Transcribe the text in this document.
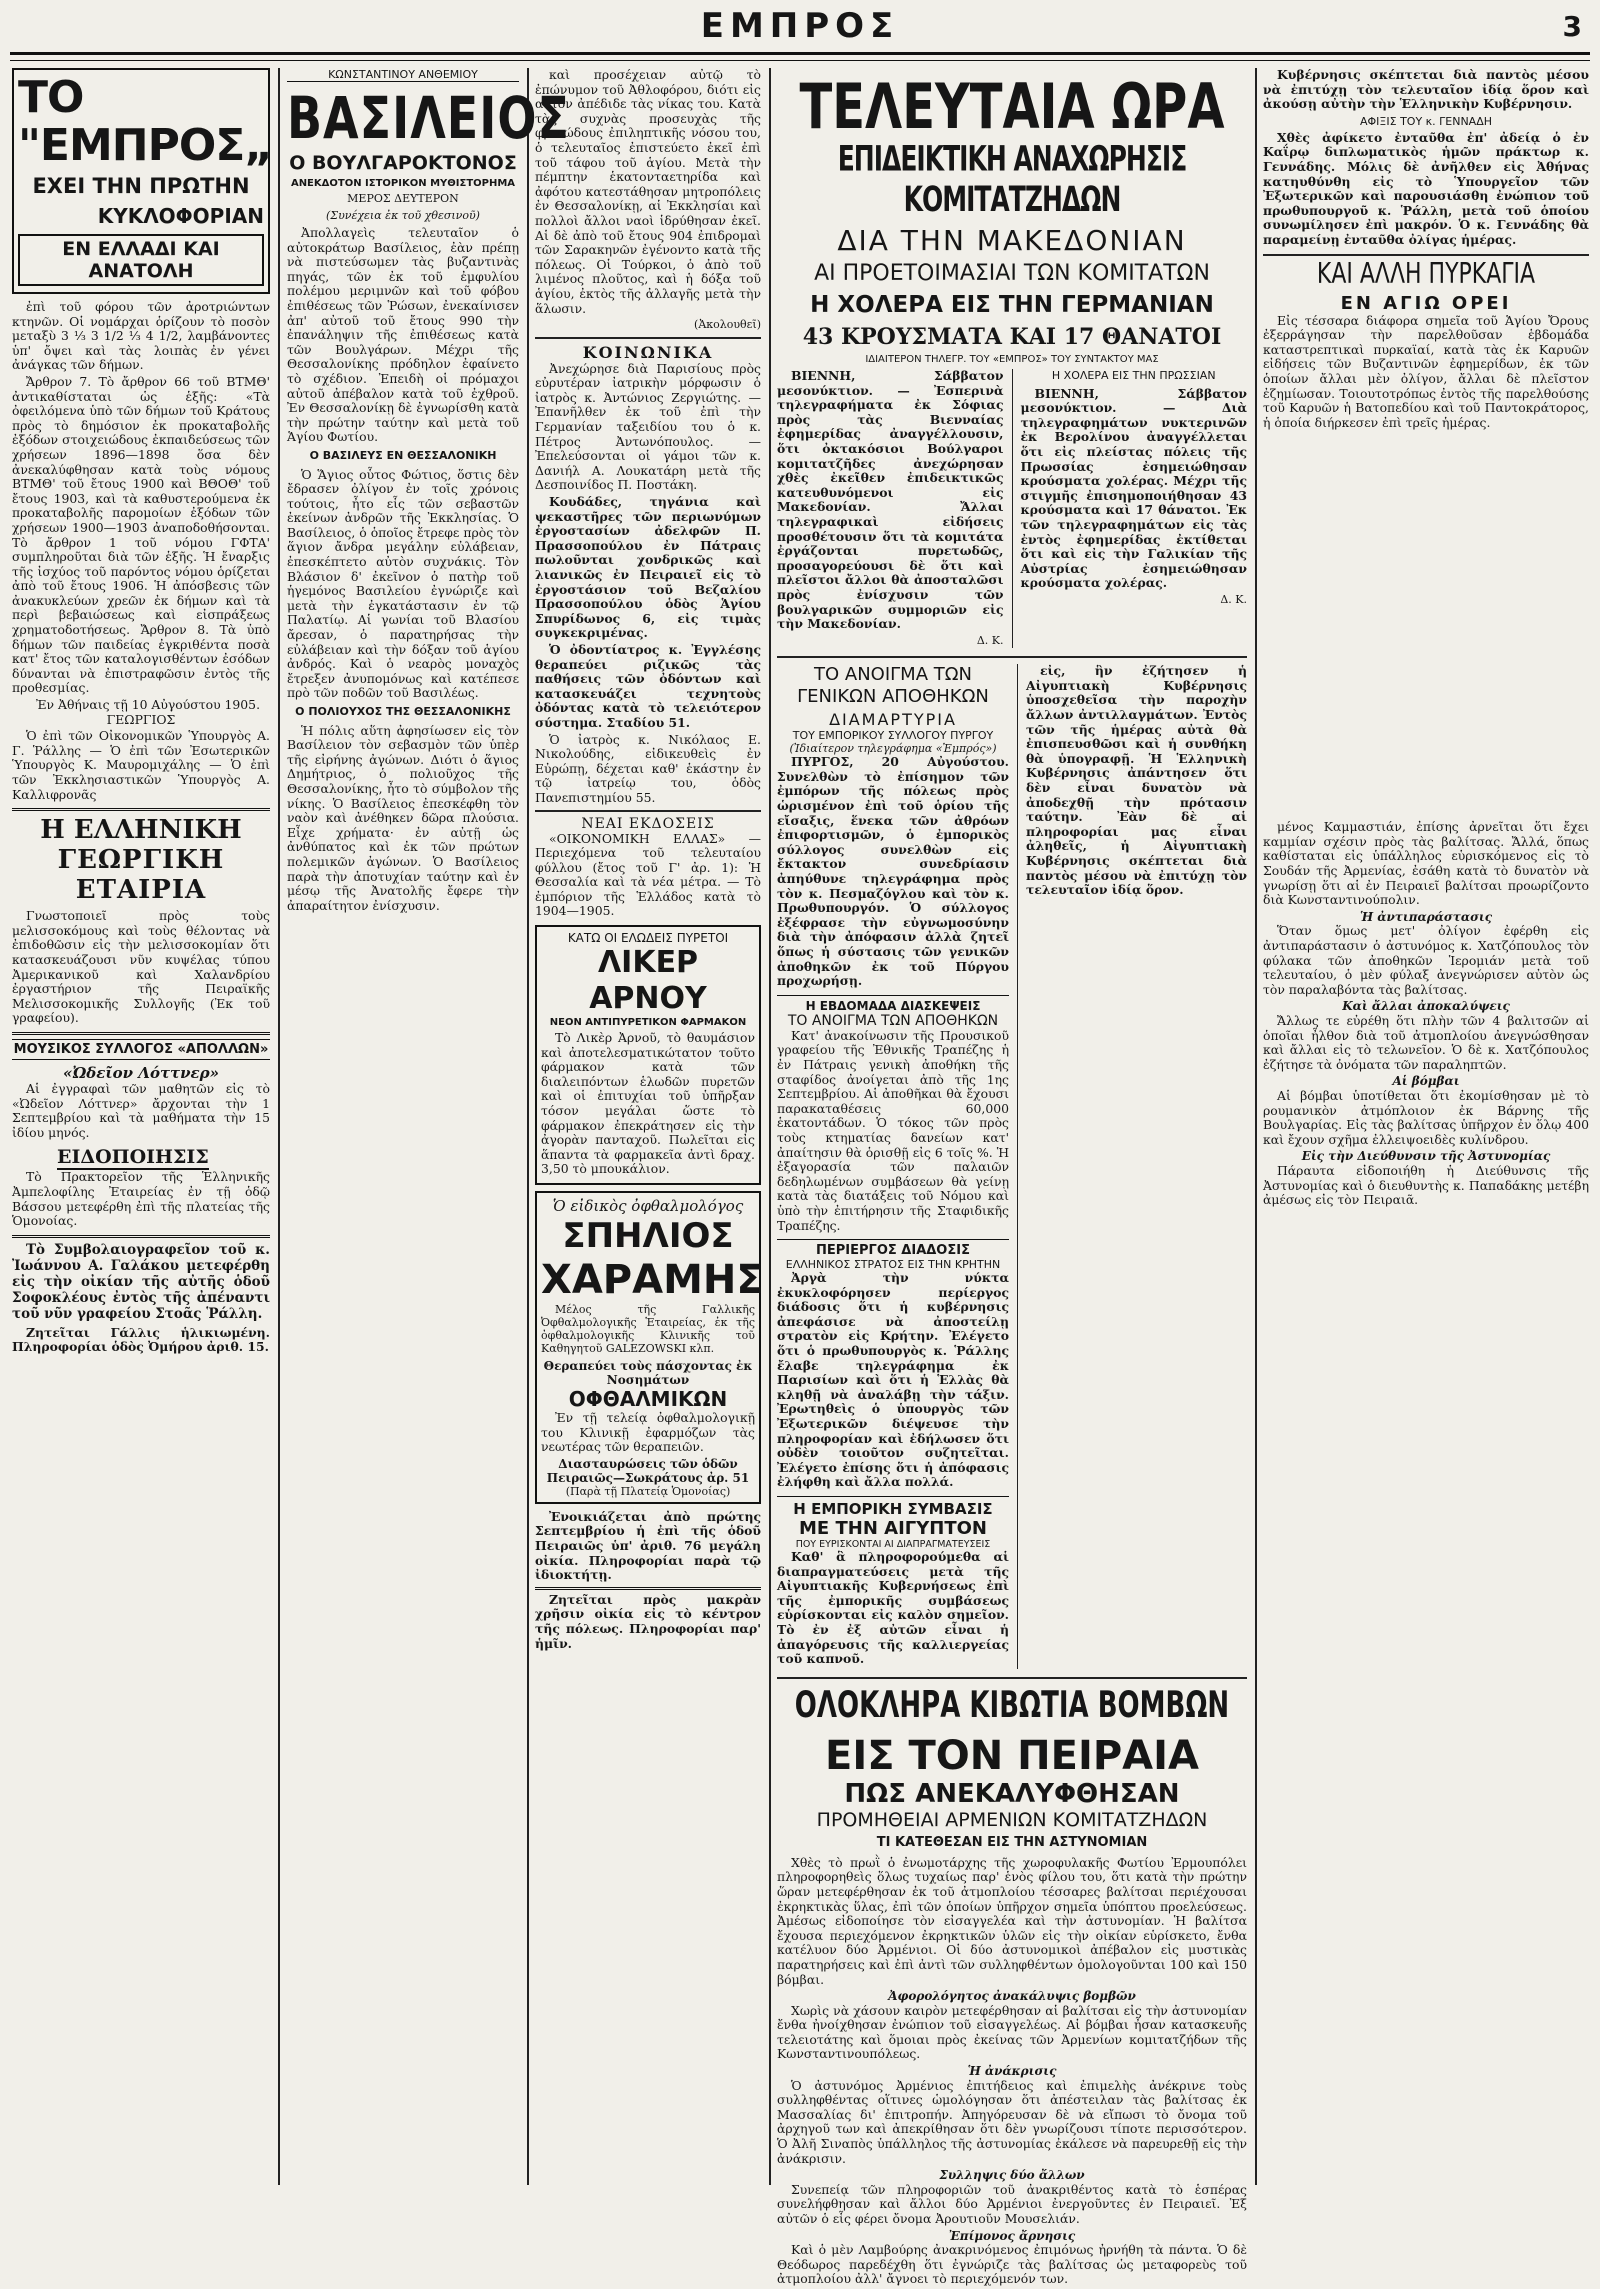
ΕΜΠΡΟΣ	3
ΤΟ "ΕΜΠΡΟΣ„
ΕΧΕΙ ΤΗΝ ΠΡΩΤΗΝ
ΚΥΚΛΟΦΟΡΙΑΝ
ΕΝ ΕΛΛΑΔΙ ΚΑΙ ΑΝΑΤΟΛΗ

ἐπὶ τοῦ φόρου τῶν ἀροτριώντων κτηνῶν. Οἱ νομάρχαι ὁρίζουν τὸ ποσὸν μεταξὺ 3 ⅓ 3 1/2 ⅓ 4 1/2, λαμβάνοντες ὑπ' ὄψει καὶ τὰς λοιπὰς ἐν γένει ἀνάγκας τῶν δήμων.

Ἄρθρον 7. Τὸ ἄρθρον 66 τοῦ ΒΤΜΘ' ἀντικαθίσταται ὡς ἑξῆς: «Τὰ ὀφειλόμενα ὑπὸ τῶν δήμων τοῦ Κράτους πρὸς τὸ δημόσιον ἐκ προκαταβολῆς ἐξόδων στοιχειώδους ἐκπαιδεύσεως τῶν χρήσεων 1896—1898 ὅσα δὲν ἀνεκαλύφθησαν κατὰ τοὺς νόμους ΒΤΜΘ' τοῦ ἔτους 1900 καὶ ΒΘΟΘ' τοῦ ἔτους 1903, καὶ τὰ καθυστερούμενα ἐκ προκαταβολῆς παρομοίων ἐξόδων τῶν χρήσεων 1900—1903 ἀναποδοθήσονται. Τὸ ἄρθρον 1 τοῦ νόμου ΓΦΤΑ' συμπληροῦται διὰ τῶν ἑξῆς. Ἡ ἔναρξις τῆς ἰσχύος τοῦ παρόντος νόμου ὁρίζεται ἀπὸ τοῦ ἔτους 1906. Ἡ ἀπόσβεσις τῶν ἀνακυκλεύων χρεῶν ἐκ δήμων καὶ τὰ περὶ βεβαιώσεως καὶ εἰσπράξεως χρηματοδοτήσεως. Ἄρθρον 8. Τὰ ὑπὸ δήμων τῶν παιδείας ἐγκριθέντα ποσὰ κατ' ἔτος τῶν καταλογισθέντων ἐσόδων δύνανται νὰ ἐπιστραφῶσιν ἐντὸς τῆς προθεσμίας.

Ἐν Ἀθήναις τῇ 10 Αὐγούστου 1905. ΓΕΩΡΓΙΟΣ

Ὁ ἐπὶ τῶν Οἰκονομικῶν Ὑπουργὸς Α. Γ. Ῥάλλης — Ὁ ἐπὶ τῶν Ἐσωτερικῶν Ὑπουργὸς Κ. Μαυρομιχάλης — Ὁ ἐπὶ τῶν Ἐκκλησιαστικῶν Ὑπουργὸς Α. Καλλιφρονᾶς

Η ΕΛΛΗΝΙΚΗ
ΓΕΩΡΓΙΚΗ ΕΤΑΙΡΙΑ

Γνωστοποιεῖ πρὸς τοὺς μελισσοκόμους καὶ τοὺς θέλοντας νὰ ἐπιδοθῶσιν εἰς τὴν μελισσοκομίαν ὅτι κατασκευάζουσι νῦν κυψέλας τύπου Ἀμερικανικοῦ καὶ Χαλανδρίου ἐργαστήριον τῆς Πειραϊκῆς Μελισσοκομικῆς Συλλογῆς (Ἐκ τοῦ γραφείου).

ΜΟΥΣΙΚΟΣ ΣΥΛΛΟΓΟΣ «ΑΠΟΛΛΩΝ»
«Ὠδεῖον Λόττνερ»

Αἱ ἐγγραφαὶ τῶν μαθητῶν εἰς τὸ «Ὠδεῖον Λόττνερ» ἄρχονται τὴν 1 Σεπτεμβρίου καὶ τὰ μαθήματα τὴν 15 ἰδίου μηνός.

ΕΙΔΟΠΟΙΗΣΙΣ

Τὸ Πρακτορεῖον τῆς Ἑλληνικῆς Ἀμπελοφίλης Ἐταιρείας ἐν τῇ ὁδῷ Βάσσου μετεφέρθη ἐπὶ τῆς πλατείας τῆς Ὁμονοίας.

Τὸ Συμβολαιογραφεῖον τοῦ κ. Ἰωάννου Α. Γαλάκου μετεφέρθη εἰς τὴν οἰκίαν τῆς αὐτῆς ὁδοῦ Σοφοκλέους ἐντὸς τῆς ἀπέναντι τοῦ νῦν γραφείου Στοᾶς Ῥάλλη.

Ζητεῖται Γάλλις ἡλικιωμένη. Πληροφορίαι ὁδὸς Ὀμήρου ἀριθ. 15.

ΚΩΝΣΤΑΝΤΙΝΟΥ ΑΝΘΕΜΙΟΥ
ΒΑΣΙΛΕΙΟΣ
Ο ΒΟΥΛΓΑΡΟΚΤΟΝΟΣ
ΑΝΕΚΔΟΤΟΝ ΙΣΤΟΡΙΚΟΝ ΜΥΘΙΣΤΟΡΗΜΑ
ΜΕΡΟΣ ΔΕΥΤΕΡΟΝ
(Συνέχεια ἐκ τοῦ χθεσινοῦ)

Ἀπολλαγεὶς τελευταῖον ὁ αὐτοκράτωρ Βασίλειος, ἐὰν πρέπῃ νὰ πιστεύσωμεν τὰς βυζαντινὰς πηγάς, τῶν ἐκ τοῦ ἐμφυλίου πολέμου μεριμνῶν καὶ τοῦ φόβου ἐπιθέσεως τῶν Ῥώσων, ἐνεκαίνισεν ἀπ' αὐτοῦ τοῦ ἔτους 990 τὴν ἐπανάληψιν τῆς ἐπιθέσεως κατὰ τῶν Βουλγάρων. Μέχρι τῆς Θεσσαλονίκης πρόδηλον ἐφαίνετο τὸ σχέδιον. Ἐπειδὴ οἱ πρόμαχοι αὐτοῦ ἀπέβαλον κατὰ τοῦ ἐχθροῦ. Ἐν Θεσσαλονίκῃ δὲ ἐγνωρίσθη κατὰ τὴν πρώτην ταύτην καὶ μετὰ τοῦ Ἁγίου Φωτίου.

Ο ΒΑΣΙΛΕΥΣ ΕΝ ΘΕΣΣΑΛΟΝΙΚΗ

Ὁ Ἅγιος οὗτος Φώτιος, ὅστις δὲν ἔδρασεν ὀλίγον ἐν τοῖς χρόνοις τούτοις, ἦτο εἷς τῶν σεβαστῶν ἐκείνων ἀνδρῶν τῆς Ἐκκλησίας. Ὁ Βασίλειος, ὁ ὁποῖος ἔτρεφε πρὸς τὸν ἅγιον ἄνδρα μεγάλην εὐλάβειαν, ἐπεσκέπτετο αὐτὸν συχνάκις. Τὸν Βλάσιον δ' ἐκεῖνον ὁ πατὴρ τοῦ ἡγεμόνος Βασιλείου ἐγνώριζε καὶ μετὰ τὴν ἐγκατάστασιν ἐν τῷ Παλατίῳ. Αἱ γωνίαι τοῦ Βλασίου ἄρεσαν, ὁ παρατηρήσας τὴν εὐλάβειαν καὶ τὴν δόξαν τοῦ ἁγίου ἀνδρός. Καὶ ὁ νεαρὸς μοναχὸς ἔτρεξεν ἀνυπομόνως καὶ κατέπεσε πρὸ τῶν ποδῶν τοῦ Βασιλέως.

Ο ΠΟΛΙΟΥΧΟΣ ΤΗΣ ΘΕΣΣΑΛΟΝΙΚΗΣ

Ἡ πόλις αὕτη ἀφησίωσεν εἰς τὸν Βασίλειον τὸν σεβασμὸν τῶν ὑπὲρ τῆς εἰρήνης ἀγώνων. Διότι ὁ ἅγιος Δημήτριος, ὁ πολιοῦχος τῆς Θεσσαλονίκης, ἦτο τὸ σύμβολον τῆς νίκης. Ὁ Βασίλειος ἐπεσκέφθη τὸν ναὸν καὶ ἀνέθηκεν δῶρα πλούσια. Εἶχε χρήματα· ἐν αὐτῇ ὡς ἀνθύπατος καὶ ἐκ τῶν πρώτων πολεμικῶν ἀγώνων. Ὁ Βασίλειος παρὰ τὴν ἀποτυχίαν ταύτην καὶ ἐν μέσῳ τῆς Ἀνατολῆς ἔφερε τὴν ἀπαραίτητον ἐνίσχυσιν.

καὶ προσέχειαν αὐτῷ τὸ ἐπώνυμον τοῦ Ἀθλοφόρου, διότι εἰς αὐτὸν ἀπέδιδε τὰς νίκας του. Κατὰ τὰς συχνὰς προσευχὰς τῆς φρικώδους ἐπιληπτικῆς νόσου του, ὁ τελευταῖος ἐπιστεύετο ἐκεῖ ἐπὶ τοῦ τάφου τοῦ ἁγίου. Μετὰ τὴν πέμπτην ἑκατονταετηρίδα καὶ ἀφότου κατεστάθησαν μητροπόλεις ἐν Θεσσαλονίκῃ, αἱ Ἐκκλησίαι καὶ πολλοὶ ἄλλοι ναοὶ ἱδρύθησαν ἐκεῖ. Αἱ δὲ ἀπὸ τοῦ ἔτους 904 ἐπιδρομαὶ τῶν Σαρακηνῶν ἐγένοντο κατὰ τῆς πόλεως. Οἱ Τούρκοι, ὁ ἀπὸ τοῦ λιμένος πλοῦτος, καὶ ἡ δόξα τοῦ ἁγίου, ἐκτὸς τῆς ἀλλαγῆς μετὰ τὴν ἅλωσιν.

(Ἀκολουθεῖ)
ΚΟΙΝΩΝΙΚΑ

Ἀνεχώρησε διὰ Παρισίους πρὸς εὐρυτέραν ἰατρικὴν μόρφωσιν ὁ ἰατρὸς κ. Ἀντώνιος Ζεργιώτης. — Ἐπανῆλθεν ἐκ τοῦ ἐπὶ τὴν Γερμανίαν ταξειδίου του ὁ κ. Πέτρος Ἀντωνόπουλος. — Ἐπελεύσονται οἱ γάμοι τῶν κ. Δανιήλ Α. Λουκατάρη μετὰ τῆς Δεσποινίδος Π. Ποστάκη.

Κουδάδες, τηγάνια καὶ ψεκαστῆρες τῶν περιωνύμων ἐργοστασίων ἀδελφῶν Π. Πρασσοπούλου ἐν Πάτραις πωλοῦνται χονδρικῶς καὶ λιανικῶς ἐν Πειραιεῖ εἰς τὸ ἐργοστάσιον τοῦ Βεζαλίου Πρασσοπούλου ὁδὸς Ἁγίου Σπυρίδωνος 6, εἰς τιμὰς συγκεκριμένας.

Ὁ ὀδοντίατρος κ. Ἐγγλέσης θεραπεύει ριζικῶς τὰς παθήσεις τῶν ὀδόντων καὶ κατασκευάζει τεχνητοὺς ὀδόντας κατὰ τὸ τελειότερον σύστημα. Σταδίου 51.

Ὁ ἰατρὸς κ. Νικόλαος Ε. Νικολούδης, εἰδικευθεὶς ἐν Εὐρώπῃ, δέχεται καθ' ἑκάστην ἐν τῷ ἰατρείῳ του, ὁδὸς Πανεπιστημίου 55.

ΝΕΑΙ ΕΚΔΟΣΕΙΣ

«ΟΙΚΟΝΟΜΙΚΗ ΕΛΛΑΣ» — Περιεχόμενα τοῦ τελευταίου φύλλου (ἔτος τοῦ Γ' ἀρ. 1): Ἡ Θεσσαλία καὶ τὰ νέα μέτρα. — Τὸ ἐμπόριον τῆς Ἑλλάδος κατὰ τὸ 1904—1905.

ΚΑΤΩ ΟΙ ΕΛΩΔΕΙΣ ΠΥΡΕΤΟΙ
ΛΙΚΕΡ ΑΡΝΟΥ
ΝΕΟΝ ΑΝΤΙΠΥΡΕΤΙΚΟΝ ΦΑΡΜΑΚΟΝ

Τὸ Λικὲρ Ἀρνοῦ, τὸ θαυμάσιον καὶ ἀποτελεσματικώτατον τοῦτο φάρμακον κατὰ τῶν διαλειπόντων ἑλωδῶν πυρετῶν καὶ οἱ ἐπιτυχίαι τοῦ ὑπῆρξαν τόσον μεγάλαι ὥστε τὸ φάρμακον ἐπεκράτησεν εἰς τὴν ἀγορὰν πανταχοῦ. Πωλεῖται εἰς ἅπαντα τὰ φαρμακεῖα ἀντὶ δραχ. 3,50 τὸ μπουκάλιον.

Ὁ εἰδικὸς ὀφθαλμολόγος
ΣΠΗΛΙΟΣ
ΧΑΡΑΜΗΣ

Μέλος τῆς Γαλλικῆς Ὀφθαλμολογικῆς Ἑταιρείας, ἐκ τῆς ὀφθαλμολογικῆς Κλινικῆς τοῦ Καθηγητοῦ GALEZOWSKI κλπ.

Θεραπεύει τοὺς πάσχοντας ἐκ Νοσημάτων
ΟΦΘΑΛΜΙΚΩΝ

Ἐν τῇ τελείᾳ ὀφθαλμολογικῇ του Κλινικῇ ἐφαρμόζων τὰς νεωτέρας τῶν θεραπειῶν.

Διασταυρώσεις τῶν ὁδῶν Πειραιῶς—Σωκράτους ἀρ. 51
(Παρὰ τῇ Πλατείᾳ Ὁμονοίας)

Ἐνοικιάζεται ἀπὸ πρώτης Σεπτεμβρίου ἡ ἐπὶ τῆς ὁδοῦ Πειραιῶς ὑπ' ἀριθ. 76 μεγάλη οἰκία. Πληροφορίαι παρὰ τῷ ἰδιοκτήτῃ.

Ζητεῖται πρὸς μακρὰν χρῆσιν οἰκία εἰς τὸ κέντρον τῆς πόλεως. Πληροφορίαι παρ' ἡμῖν.

ΤΕΛΕΥΤΑΙΑ ΩΡΑ
ΕΠΙΔΕΙΚΤΙΚΗ ΑΝΑΧΩΡΗΣΙΣ ΚΟΜΙΤΑΤΖΗΔΩΝ
ΔΙΑ ΤΗΝ ΜΑΚΕΔΟΝΙΑΝ
ΑΙ ΠΡΟΕΤΟΙΜΑΣΙΑΙ ΤΩΝ ΚΟΜΙΤΑΤΩΝ
Η ΧΟΛΕΡΑ ΕΙΣ ΤΗΝ ΓΕΡΜΑΝΙΑΝ
43 ΚΡΟΥΣΜΑΤΑ ΚΑΙ 17 ΘΑΝΑΤΟΙ
ΙΔΙΑΙΤΕΡΟΝ ΤΗΛΕΓΡ. ΤΟΥ «ΕΜΠΡΟΣ» ΤΟΥ ΣΥΝΤΑΚΤΟΥ ΜΑΣ

ΒΙΕΝΝΗ, Σάββατον μεσονύκτιον. — Ἐσπερινὰ τηλεγραφήματα ἐκ Σόφιας πρὸς τὰς Βιενναίας ἐφημερίδας ἀναγγέλλουσιν, ὅτι ὀκτακόσιοι Βούλγαροι κομιτατζῆδες ἀνεχώρησαν χθὲς ἐκεῖθεν ἐπιδεικτικῶς κατευθυνόμενοι εἰς Μακεδονίαν. Ἄλλαι τηλεγραφικαὶ εἰδήσεις προσθέτουσιν ὅτι τὰ κομιτάτα ἐργάζονται πυρετωδῶς, προσαγορεύουσι δὲ ὅτι καὶ πλεῖστοι ἄλλοι θὰ ἀποσταλῶσι πρὸς ἐνίσχυσιν τῶν βουλγαρικῶν συμμοριῶν εἰς τὴν Μακεδονίαν.

Δ. Κ.
Η ΧΟΛΕΡΑ ΕΙΣ ΤΗΝ ΠΡΩΣΣΙΑΝ

ΒΙΕΝΝΗ, Σάββατον μεσονύκτιον. — Διὰ τηλεγραφημάτων νυκτερινῶν ἐκ Βερολίνου ἀναγγέλλεται ὅτι εἰς πλείστας πόλεις τῆς Πρωσσίας ἐσημειώθησαν κρούσματα χολέρας. Μέχρι τῆς στιγμῆς ἐπισημοποιήθησαν 43 κρούσματα καὶ 17 θάνατοι. Ἐκ τῶν τηλεγραφημάτων εἰς τὰς ἐντὸς ἐφημερίδας ἐκτίθεται ὅτι καὶ εἰς τὴν Γαλικίαν τῆς Αὐστρίας ἐσημειώθησαν κρούσματα χολέρας.

Δ. Κ.
ΤΟ ΑΝΟΙΓΜΑ ΤΩΝ ΓΕΝΙΚΩΝ ΑΠΟΘΗΚΩΝ
ΔΙΑΜΑΡΤΥΡΙΑ
ΤΟΥ ΕΜΠΟΡΙΚΟΥ ΣΥΛΛΟΓΟΥ ΠΥΡΓΟΥ
(Ἰδιαίτερον τηλεγράφημα «Ἐμπρός»)

ΠΥΡΓΟΣ, 20 Αὐγούστου. Συνελθὼν τὸ ἐπίσημον τῶν ἐμπόρων τῆς πόλεως πρὸς ὡρισμένον ἐπὶ τοῦ ὁρίου τῆς εἴσαξις, ἕνεκα τῶν ἀθρόων ἐπιφορτισμῶν, ὁ ἐμπορικὸς σύλλογος συνελθὼν εἰς ἔκτακτον συνεδρίασιν ἀπηύθυνε τηλεγράφημα πρὸς τὸν κ. Πεσμαζόγλου καὶ τὸν κ. Πρωθυπουργόν. Ὁ σύλλογος ἐξέφρασε τὴν εὐγνωμοσύνην διὰ τὴν ἀπόφασιν ἀλλὰ ζητεῖ ὅπως ἡ σύστασις τῶν γενικῶν ἀποθηκῶν ἐκ τοῦ Πύργου προχωρήσῃ.

Η ΕΒΔΟΜΑΔΑ ΔΙΑΣΚΕΨΕΙΣ
ΤΟ ΑΝΟΙΓΜΑ ΤΩΝ ΑΠΟΘΗΚΩΝ

Κατ' ἀνακοίνωσιν τῆς Προυσικοῦ γραφείου τῆς Ἐθνικῆς Τραπέζης ἡ ἐν Πάτραις γενικὴ ἀποθήκη τῆς σταφίδος ἀνοίγεται ἀπὸ τῆς 1ης Σεπτεμβρίου. Αἱ ἀποθῆκαι θὰ ἔχουσι παρακαταθέσεις 60,000 ἑκατοντάδων. Ὁ τόκος τῶν πρὸς τοὺς κτηματίας δανείων κατ' ἀπαίτησιν θὰ ὁρισθῇ εἰς 6 τοῖς %. Ἡ ἐξαγορασία τῶν παλαιῶν δεδηλωμένων συμβάσεων θὰ γείνῃ κατὰ τὰς διατάξεις τοῦ Νόμου καὶ ὑπὸ τὴν ἐπιτήρησιν τῆς Σταφιδικῆς Τραπέζης.

ΠΕΡΙΕΡΓΟΣ ΔΙΑΔΟΣΙΣ
ΕΛΛΗΝΙΚΟΣ ΣΤΡΑΤΟΣ ΕΙΣ ΤΗΝ ΚΡΗΤΗΝ

Ἀργὰ τὴν νύκτα ἐκυκλοφόρησεν περίεργος διάδοσις ὅτι ἡ κυβέρνησις ἀπεφάσισε νὰ ἀποστείλῃ στρατὸν εἰς Κρήτην. Ἐλέγετο ὅτι ὁ πρωθυπουργὸς κ. Ῥάλλης ἔλαβε τηλεγράφημα ἐκ Παρισίων καὶ ὅτι ἡ Ἑλλὰς θὰ κληθῇ νὰ ἀναλάβῃ τὴν τάξιν. Ἐρωτηθεὶς ὁ ὑπουργὸς τῶν Ἐξωτερικῶν διέψευσε τὴν πληροφορίαν καὶ ἐδήλωσεν ὅτι οὐδὲν τοιοῦτον συζητεῖται. Ἐλέγετο ἐπίσης ὅτι ἡ ἀπόφασις ἐλήφθη καὶ ἄλλα πολλά.

Η ΕΜΠΟΡΙΚΗ ΣΥΜΒΑΣΙΣ
ΜΕ ΤΗΝ ΑΙΓΥΠΤΟΝ
ΠΟΥ ΕΥΡΙΣΚΟΝΤΑΙ ΑΙ ΔΙΑΠΡΑΓΜΑΤΕΥΣΕΙΣ

Καθ' ἃ πληροφορούμεθα αἱ διαπραγματεύσεις μετὰ τῆς Αἰγυπτιακῆς Κυβερνήσεως ἐπὶ τῆς ἐμπορικῆς συμβάσεως εὑρίσκονται εἰς καλὸν σημεῖον. Τὸ ἐν ἐξ αὐτῶν εἶναι ἡ ἀπαγόρευσις τῆς καλλιεργείας τοῦ καπνοῦ.

εἰς, ἣν ἐζήτησεν ἡ Αἰγυπτιακὴ Κυβέρνησις ὑποσχεθεῖσα τὴν παροχὴν ἄλλων ἀντιλλαγμάτων. Ἐντὸς τῶν τῆς ἡμέρας αὐτὰ θὰ ἐπισπευσθῶσι καὶ ἡ συνθήκη θὰ ὑπογραφῇ. Ἡ Ἑλληνικὴ Κυβέρνησις ἀπάντησεν ὅτι δὲν εἶναι δυνατὸν νὰ ἀποδεχθῇ τὴν πρότασιν ταύτην. Ἐὰν δὲ αἱ πληροφορίαι μας εἶναι ἀληθεῖς, ἡ Αἰγυπτιακὴ Κυβέρνησις σκέπτεται διὰ παντὸς μέσου νὰ ἐπιτύχῃ τὸν τελευταῖον ἰδίᾳ ὅρον.

ΟΛΟΚΛΗΡΑ ΚΙΒΩΤΙΑ ΒΟΜΒΩΝ
ΕΙΣ ΤΟΝ ΠΕΙΡΑΙΑ
ΠΩΣ ΑΝΕΚΑΛΥΦΘΗΣΑΝ
ΠΡΟΜΗΘΕΙΑΙ ΑΡΜΕΝΙΩΝ ΚΟΜΙΤΑΤΖΗΔΩΝ
ΤΙ ΚΑΤΕΘΕΣΑΝ ΕΙΣ ΤΗΝ ΑΣΤΥΝΟΜΙΑΝ

Χθὲς τὸ πρωῒ ὁ ἐνωμοτάρχης τῆς χωροφυλακῆς Φωτίου Ἐρμουπόλει πληροφορηθεὶς ὅλως τυχαίως παρ' ἑνὸς φίλου του, ὅτι κατὰ τὴν πρώτην ὥραν μετεφέρθησαν ἐκ τοῦ ἀτμοπλοίου τέσσαρες βαλίτσαι περιέχουσαι ἐκρηκτικὰς ὕλας, ἐπὶ τῶν ὁποίων ὑπῆρχον σημεῖα ὑπόπτου προελεύσεως. Ἀμέσως εἰδοποίησε τὸν εἰσαγγελέα καὶ τὴν ἀστυνομίαν. Ἡ βαλίτσα ἔχουσα περιεχόμενον ἐκρηκτικῶν ὑλῶν εἰς τὴν οἰκίαν εὑρίσκετο, ἔνθα κατέλυον δύο Ἀρμένιοι. Οἱ δύο ἀστυνομικοὶ ἀπέβαλον εἰς μυστικὰς παρατηρήσεις καὶ ἐπὶ ἀντὶ τῶν συλληφθέντων ὁμολογοῦνται 100 καὶ 150 βόμβαι.

Ἀφορολόγητος ἀνακάλυψις βομβῶν

Χωρὶς νὰ χάσουν καιρὸν μετεφέρθησαν αἱ βαλίτσαι εἰς τὴν ἀστυνομίαν ἔνθα ἠνοίχθησαν ἐνώπιον τοῦ εἰσαγγελέως. Αἱ βόμβαι ἦσαν κατασκευῆς τελειοτάτης καὶ ὅμοιαι πρὸς ἐκείνας τῶν Ἀρμενίων κομιτατζήδων τῆς Κωνσταντινουπόλεως.

Ἡ ἀνάκρισις

Ὁ ἀστυνόμος Ἀρμένιος ἐπιτήδειος καὶ ἐπιμελὴς ἀνέκρινε τοὺς συλληφθέντας οἵτινες ὡμολόγησαν ὅτι ἀπέστειλαν τὰς βαλίτσας ἐκ Μασσαλίας δι' ἐπιτροπήν. Ἀπηγόρευσαν δὲ νὰ εἴπωσι τὸ ὄνομα τοῦ ἀρχηγοῦ των καὶ ἀπεκρίθησαν ὅτι δὲν γνωρίζουσι τίποτε περισσότερον. Ὁ Ἀλῆ Σιναπὸς ὑπάλληλος τῆς ἀστυνομίας ἐκάλεσε νὰ παρευρεθῇ εἰς τὴν ἀνάκρισιν.

Συλληψις δύο ἄλλων

Συνεπείᾳ τῶν πληροφοριῶν τοῦ ἀνακριθέντος κατὰ τὸ ἑσπέρας συνελήφθησαν καὶ ἄλλοι δύο Ἀρμένιοι ἐνεργοῦντες ἐν Πειραιεῖ. Ἐξ αὐτῶν ὁ εἷς φέρει ὄνομα Ἀρουτιοῦν Μουσελιάν.

Ἐπίμονος ἄρνησις

Καὶ ὁ μὲν Λαμβούρης ἀνακρινόμενος ἐπιμόνως ἠρνήθη τὰ πάντα. Ὁ δὲ Θεόδωρος παρεδέχθη ὅτι ἐγνώριζε τὰς βαλίτσας ὡς μεταφορεὺς τοῦ ἀτμοπλοίου ἀλλ' ἄγνοει τὸ περιεχόμενόν των.

Κυβέρνησις σκέπτεται διὰ παντὸς μέσου νὰ ἐπιτύχῃ τὸν τελευταῖον ἰδίᾳ ὅρον καὶ ἀκούσῃ αὐτὴν τὴν Ἑλληνικὴν Κυβέρνησιν.

ΑΦΙΞΙΣ ΤΟΥ κ. ΓΕΝΝΑΔΗ

Χθὲς ἀφίκετο ἐνταῦθα ἐπ' ἀδείᾳ ὁ ἐν Καΐρῳ διπλωματικὸς ἡμῶν πράκτωρ κ. Γεννάδης. Μόλις δὲ ἀνῆλθεν εἰς Ἀθήνας κατηυθύνθη εἰς τὸ Ὑπουργεῖον τῶν Ἐξωτερικῶν καὶ παρουσιάσθη ἐνώπιον τοῦ πρωθυπουργοῦ κ. Ῥάλλη, μετὰ τοῦ ὁποίου συνωμίλησεν ἐπὶ μακρόν. Ὁ κ. Γεννάδης θὰ παραμείνῃ ἐνταῦθα ὀλίγας ἡμέρας.

ΚΑΙ ΑΛΛΗ ΠΥΡΚΑΓΙΑ
ΕΝ ΑΓΙΩ ΟΡΕΙ

Εἰς τέσσαρα διάφορα σημεῖα τοῦ Ἁγίου Ὄρους ἐξερράγησαν τὴν παρελθοῦσαν ἑβδομάδα καταστρεπτικαὶ πυρκαϊαί, κατὰ τὰς ἐκ Καρυῶν εἰδήσεις τῶν Βυζαντινῶν ἐφημερίδων, ἐκ τῶν ὁποίων ἄλλαι μὲν ὀλίγον, ἄλλαι δὲ πλεῖστον ἐζημίωσαν. Τοιουτοτρόπως ἐντὸς τῆς παρελθούσης τοῦ Καρυῶν ἡ Βατοπεδίου καὶ τοῦ Παντοκράτορος, ἡ ὁποία διήρκεσεν ἐπὶ τρεῖς ἡμέρας.

μένος Καμμαστιάν, ἐπίσης ἀρνεῖται ὅτι ἔχει καμμίαν σχέσιν πρὸς τὰς βαλίτσας. Ἄλλά, ὅπως καθίσταται εἰς ὑπάλληλος εὑρισκόμενος εἰς τὸ Σουδάν τῆς Ἀρμενίας, ἐσάθη κατὰ τὸ δυνατὸν νὰ γνωρίσῃ ὅτι αἱ ἐν Πειραιεῖ βαλίτσαι προωρίζοντο διὰ Κωνσταντινούπολιν.

Ἡ ἀντιπαράστασις

Ὅταν ὅμως μετ' ὀλίγον ἐφέρθη εἰς ἀντιπαράστασιν ὁ ἀστυνόμος κ. Χατζόπουλος τὸν φύλακα τῶν ἀποθηκῶν Ἱερομιάν μετὰ τοῦ τελευταίου, ὁ μὲν φύλαξ ἀνεγνώρισεν αὐτὸν ὡς τὸν παραλαβόντα τὰς βαλίτσας.

Καὶ ἄλλαι ἀποκαλύψεις

Ἄλλως τε εὐρέθη ὅτι πλὴν τῶν 4 βαλιτσῶν αἱ ὁποῖαι ἦλθον διὰ τοῦ ἀτμοπλοίου ἀνεγνώσθησαν καὶ ἄλλαι εἰς τὸ τελωνεῖον. Ὁ δὲ κ. Χατζόπουλος ἐζήτησε τὰ ὀνόματα τῶν παραληπτῶν.

Αἱ βόμβαι

Αἱ βόμβαι ὑποτίθεται ὅτι ἐκομίσθησαν μὲ τὸ ρουμανικὸν ἀτμόπλοιον ἐκ Βάρνης τῆς Βουλγαρίας. Εἰς τὰς βαλίτσας ὑπῆρχον ἐν ὅλῳ 400 καὶ ἔχουν σχῆμα ἐλλειψοειδὲς κυλίνδρου.

Εἰς τὴν Διεύθυνσιν τῆς Ἀστυνομίας

Πάραυτα εἰδοποιήθη ἡ Διεύθυνσις τῆς Ἀστυνομίας καὶ ὁ διευθυντὴς κ. Παπαδάκης μετέβη ἀμέσως εἰς τὸν Πειραιᾶ.
